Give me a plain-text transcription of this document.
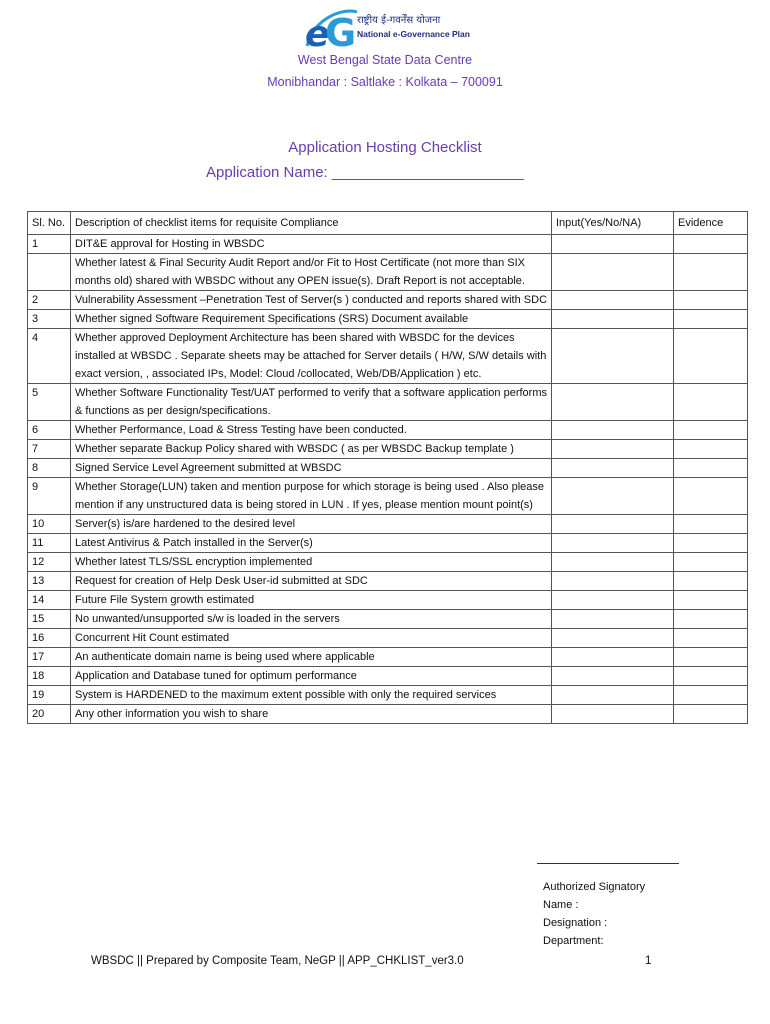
e
G राष्ट्रीय ई-गवर्नेंस योजना
National e-Governance Plan
West Bengal State Data Centre
Monibhandar : Saltlake : Kolkata – 700091
Application Hosting Checklist
Application Name: _______________________
Sl. No.	Description of checklist items for requisite Compliance	Input(Yes/No/NA)	Evidence
1	DIT&E approval for Hosting in WBSDC		
	Whether latest & Final Security Audit Report and/or Fit to Host Certificate (not more than SIX months old) shared with WBSDC without any OPEN issue(s). Draft Report is not acceptable.		
2	Vulnerability Assessment –Penetration Test of Server(s ) conducted and reports shared with SDC		
3	Whether signed Software Requirement Specifications (SRS) Document available		
4	Whether approved Deployment Architecture has been shared with WBSDC for the devices installed at WBSDC . Separate sheets may be attached for Server details ( H/W, S/W details with exact version, , associated IPs, Model: Cloud /collocated, Web/DB/Application ) etc.		
5	Whether Software Functionality Test/UAT performed to verify that a software application performs & functions as per design/specifications.		
6	Whether Performance, Load & Stress Testing have been conducted.		
7	Whether separate Backup Policy shared with WBSDC ( as per WBSDC Backup template )		
8	Signed Service Level Agreement submitted at WBSDC		
9	Whether Storage(LUN) taken and mention purpose for which storage is being used . Also please mention if any unstructured data is being stored in LUN . If yes, please mention mount point(s)		
10	Server(s) is/are hardened to the desired level		
11	Latest Antivirus & Patch installed in the Server(s)		
12	Whether latest TLS/SSL encryption implemented		
13	Request for creation of Help Desk User-id submitted at SDC		
14	Future File System growth estimated		
15	No unwanted/unsupported s/w is loaded in the servers		
16	Concurrent Hit Count estimated		
17	An authenticate domain name is being used where applicable		
18	Application and Database tuned for optimum performance		
19	System is HARDENED to the maximum extent possible with only the required services		
20	Any other information you wish to share		
Authorized Signatory
Name :
Designation :
Department:
WBSDC || Prepared by Composite Team, NeGP || APP_CHKLIST_ver3.0	1
